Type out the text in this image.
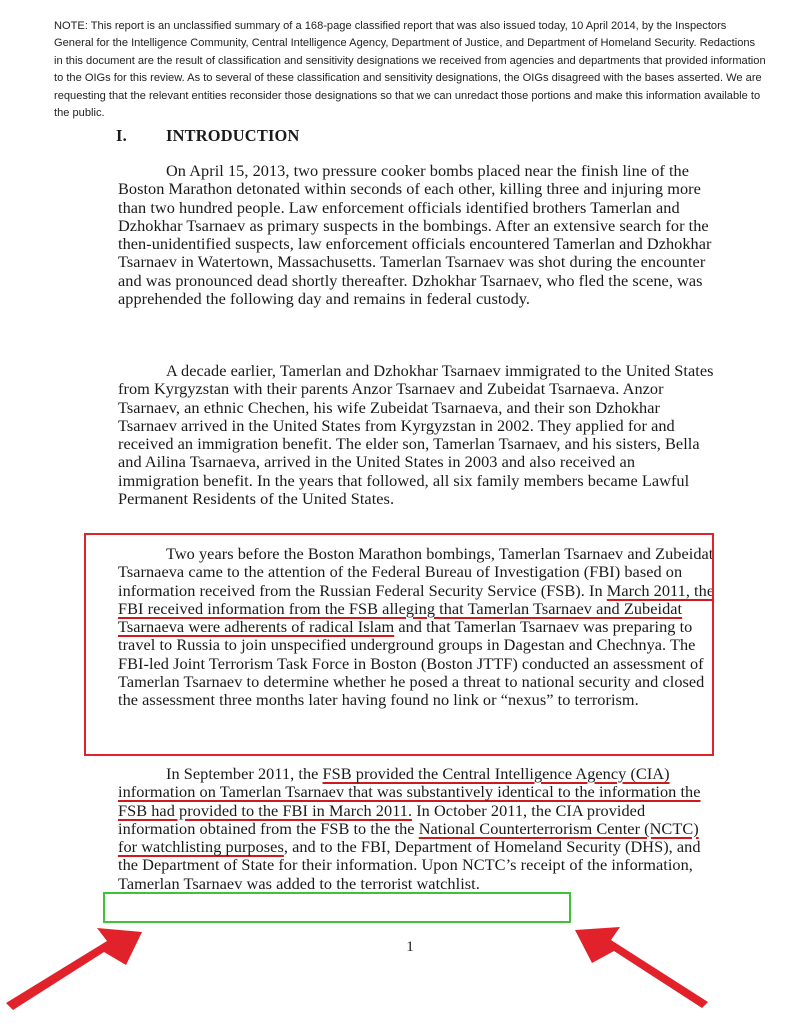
NOTE: This report is an unclassified summary of a 168-page classified report that was also issued today, 10 April 2014, by the Inspectors General for the Intelligence Community, Central Intelligence Agency, Department of Justice, and Department of Homeland Security. Redactions in this document are the result of classification and sensitivity designations we received from agencies and departments that provided information to the OIGs for this review. As to several of these classification and sensitivity designations, the OIGs disagreed with the bases asserted. We are requesting that the relevant entities reconsider those designations so that we can unredact those portions and make this information available to the public.

I. INTRODUCTION

On April 15, 2013, two pressure cooker bombs placed near the finish line of the Boston Marathon detonated within seconds of each other, killing three and injuring more than two hundred people. Law enforcement officials identified brothers Tamerlan and Dzhokhar Tsarnaev as primary suspects in the bombings. After an extensive search for the then-unidentified suspects, law enforcement officials encountered Tamerlan and Dzhokhar Tsarnaev in Watertown, Massachusetts. Tamerlan Tsarnaev was shot during the encounter and was pronounced dead shortly thereafter. Dzhokhar Tsarnaev, who fled the scene, was apprehended the following day and remains in federal custody.

A decade earlier, Tamerlan and Dzhokhar Tsarnaev immigrated to the United States from Kyrgyzstan with their parents Anzor Tsarnaev and Zubeidat Tsarnaeva. Anzor Tsarnaev, an ethnic Chechen, his wife Zubeidat Tsarnaeva, and their son Dzhokhar Tsarnaev arrived in the United States from Kyrgyzstan in 2002. They applied for and received an immigration benefit. The elder son, Tamerlan Tsarnaev, and his sisters, Bella and Ailina Tsarnaeva, arrived in the United States in 2003 and also received an immigration benefit. In the years that followed, all six family members became Lawful Permanent Residents of the United States.

Two years before the Boston Marathon bombings, Tamerlan Tsarnaev and Zubeidat Tsarnaeva came to the attention of the Federal Bureau of Investigation (FBI) based on information received from the Russian Federal Security Service (FSB). In March 2011, the FBI received information from the FSB alleging that Tamerlan Tsarnaev and Zubeidat Tsarnaeva were adherents of radical Islam and that Tamerlan Tsarnaev was preparing to travel to Russia to join unspecified underground groups in Dagestan and Chechnya. The FBI-led Joint Terrorism Task Force in Boston (Boston JTTF) conducted an assessment of Tamerlan Tsarnaev to determine whether he posed a threat to national security and closed the assessment three months later having found no link or “nexus” to terrorism.

In September 2011, the FSB provided the Central Intelligence Agency (CIA) information on Tamerlan Tsarnaev that was substantively identical to the information the FSB had provided to the FBI in March 2011. In October 2011, the CIA provided information obtained from the FSB to the the National Counterterrorism Center (NCTC) for watchlisting purposes, and to the FBI, Department of Homeland Security (DHS), and the Department of State for their information. Upon NCTC’s receipt of the information, Tamerlan Tsarnaev was added to the terrorist watchlist.

1
